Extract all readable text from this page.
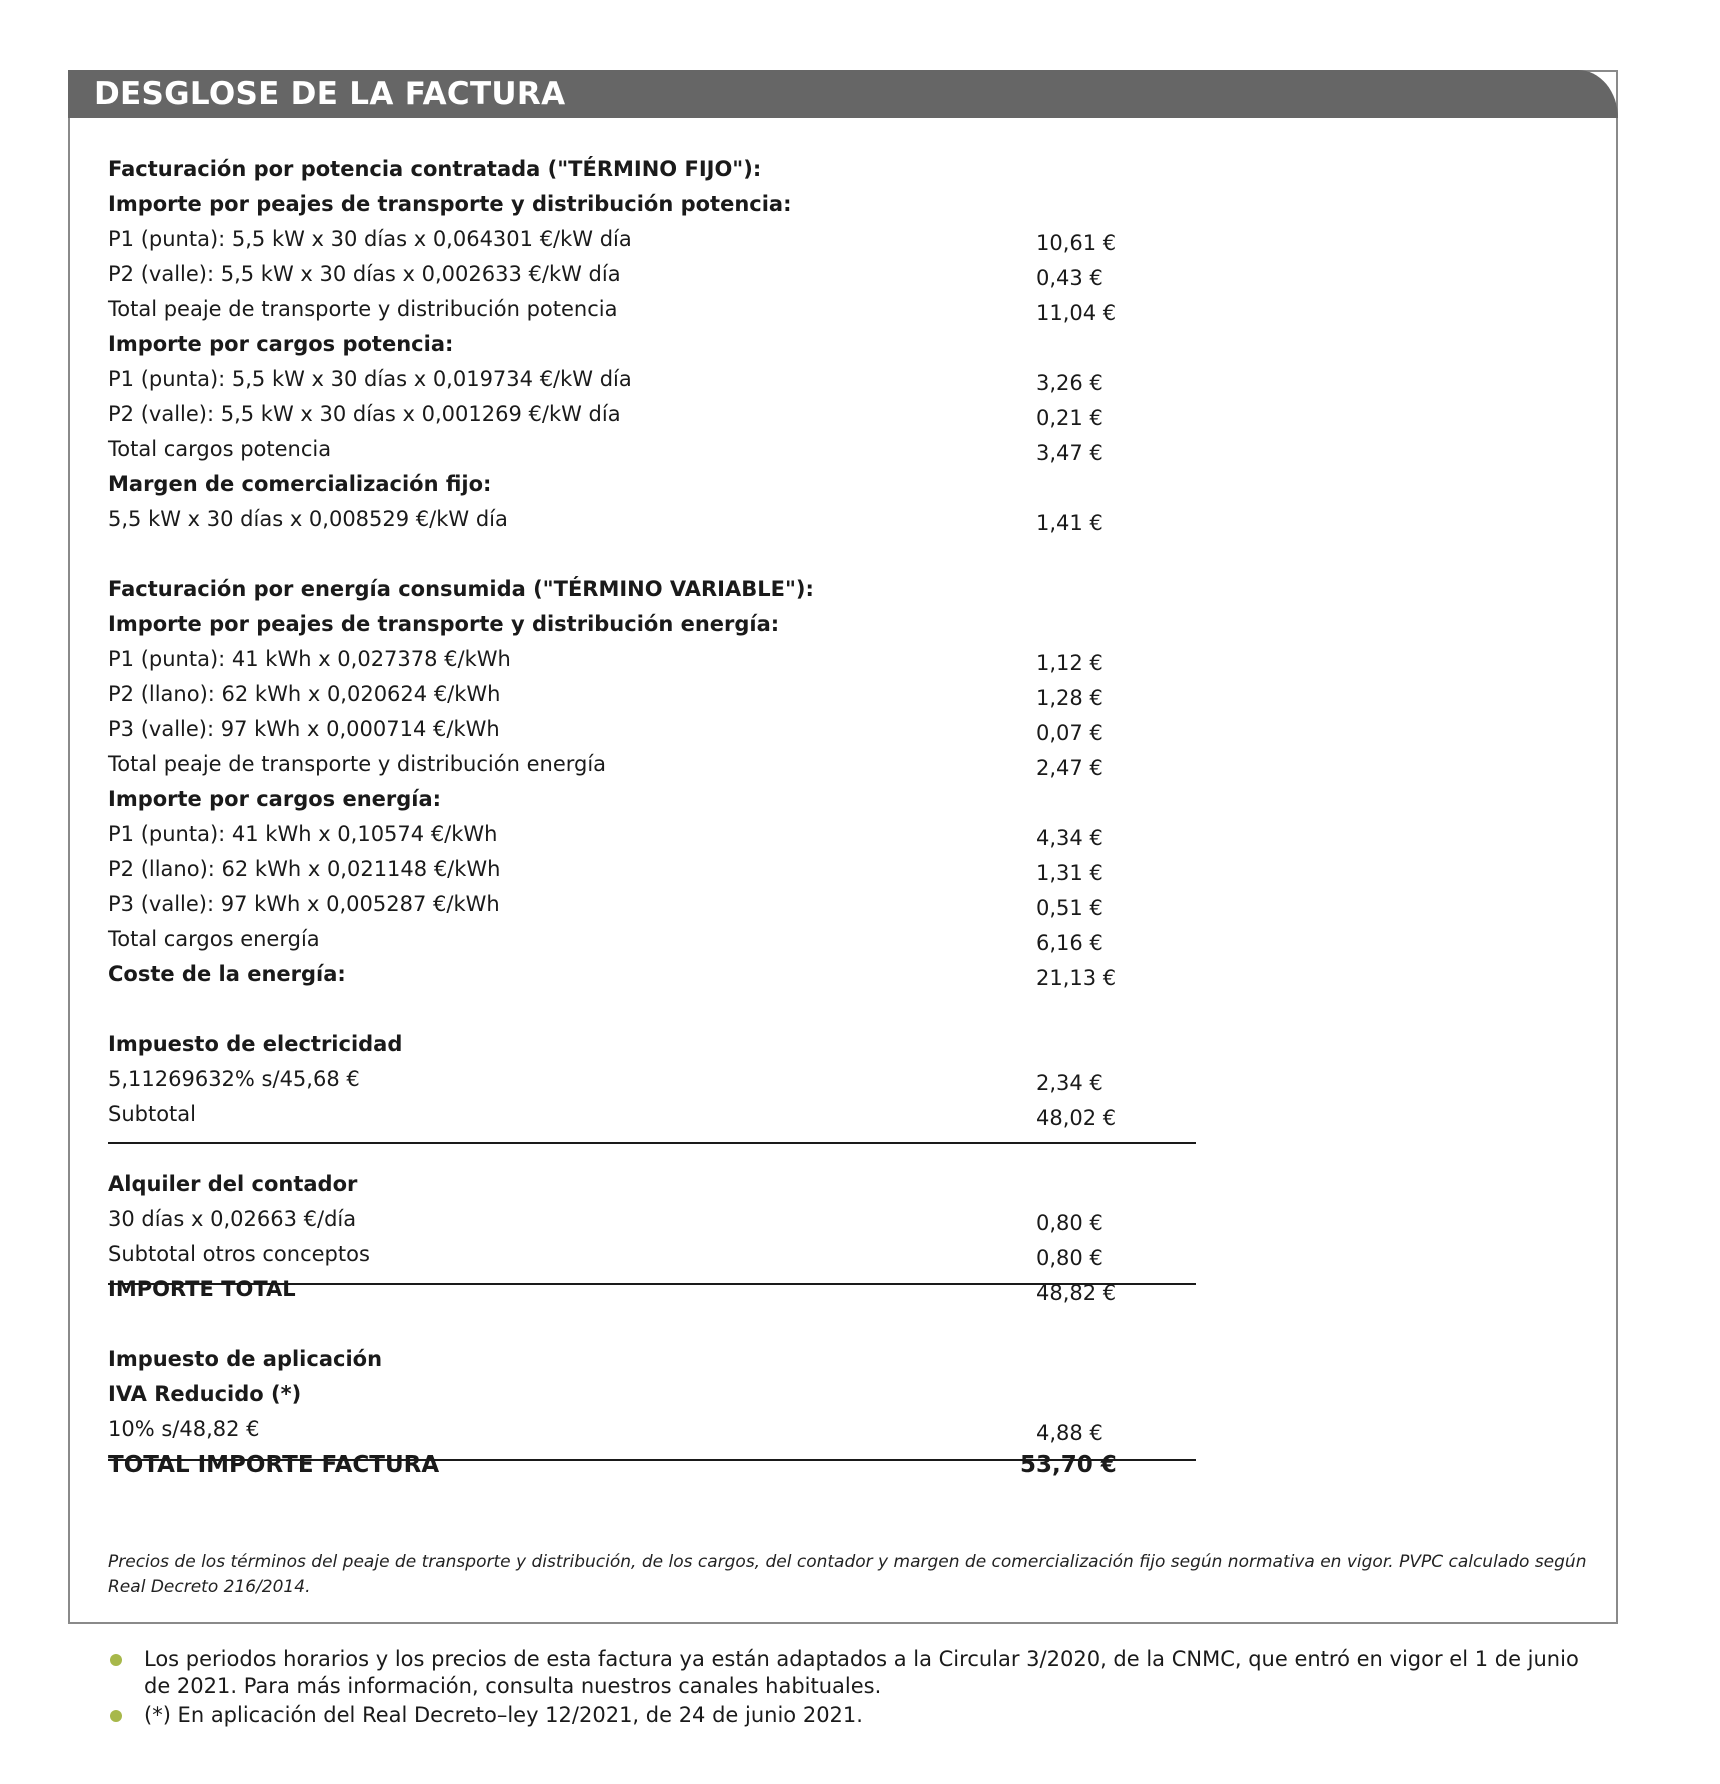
DESGLOSE DE LA FACTURA
Facturación por potencia contratada ("TÉRMINO FIJO"):
Importe por peajes de transporte y distribución potencia:
P1 (punta): 5,5 kW x 30 días x 0,064301 €/kW día	10,61 €
P2 (valle): 5,5 kW x 30 días x 0,002633 €/kW día	0,43 €
Total peaje de transporte y distribución potencia	11,04 €
Importe por cargos potencia:
P1 (punta): 5,5 kW x 30 días x 0,019734 €/kW día	3,26 €
P2 (valle): 5,5 kW x 30 días x 0,001269 €/kW día	0,21 €
Total cargos potencia	3,47 €
Margen de comercialización fijo:
5,5 kW x 30 días x 0,008529 €/kW día	1,41 €
Facturación por energía consumida ("TÉRMINO VARIABLE"):
Importe por peajes de transporte y distribución energía:
P1 (punta): 41 kWh x 0,027378 €/kWh	1,12 €
P2 (llano): 62 kWh x 0,020624 €/kWh	1,28 €
P3 (valle): 97 kWh x 0,000714 €/kWh	0,07 €
Total peaje de transporte y distribución energía	2,47 €
Importe por cargos energía:
P1 (punta): 41 kWh x 0,10574 €/kWh	4,34 €
P2 (llano): 62 kWh x 0,021148 €/kWh	1,31 €
P3 (valle): 97 kWh x 0,005287 €/kWh	0,51 €
Total cargos energía	6,16 €
Coste de la energía:	21,13 €
Impuesto de electricidad
5,11269632% s/45,68 €	2,34 €
Subtotal	48,02 €
Alquiler del contador
30 días x 0,02663 €/día	0,80 €
Subtotal otros conceptos	0,80 €
IMPORTE TOTAL	48,82 €
Impuesto de aplicación
IVA Reducido (*)
10% s/48,82 €	4,88 €
TOTAL IMPORTE FACTURA	53,70 €
Precios de los términos del peaje de transporte y distribución, de los cargos, del contador y margen de comercialización fijo según normativa en vigor. PVPC calculado según Real Decreto 216/2014.
Los periodos horarios y los precios de esta factura ya están adaptados a la Circular 3/2020, de la CNMC, que entró en vigor el 1 de junio de 2021. Para más información, consulta nuestros canales habituales.
(*) En aplicación del Real Decreto–ley 12/2021, de 24 de junio 2021.
